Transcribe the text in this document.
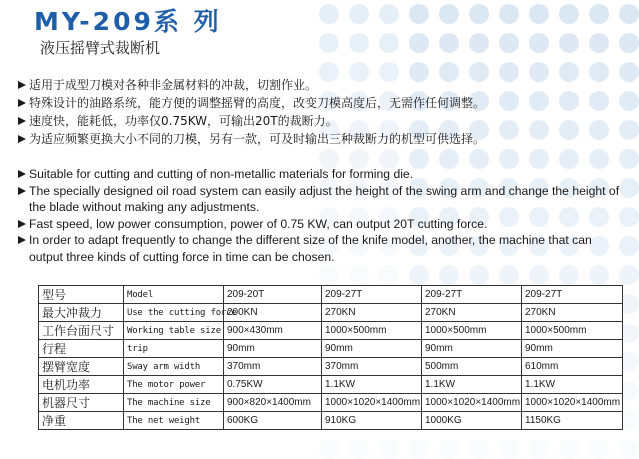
MY-209系 列
液压摇臂式裁断机
适用于成型刀模对各种非金属材料的冲裁，切割作业。
特殊设计的油路系统，能方便的调整摇臂的高度，改变刀模高度后，无需作任何调整。
速度快，能耗低，功率仅0.75KW，可输出20T的裁断力。
为适应频繁更换大小不同的刀模，另有一款，可及时输出三种裁断力的机型可供选择。
Suitable for cutting and cutting of non-metallic materials for forming die.
The specially designed oil road system can easily adjust the height of the swing arm and change the height of the blade without making any adjustments.
Fast speed, low power consumption, power of 0.75 KW, can output 20T cutting force.
In order to adapt frequently to change the different size of the knife model, another, the machine that can output three kinds of cutting force in time can be chosen.
型号	Model	209-20T	209-27T	209-27T	209-27T
最大冲裁力	Use the cutting force	200KN	270KN	270KN	270KN
工作台面尺寸	Working table size	900×430mm	1000×500mm	1000×500mm	1000×500mm
行程	trip	90mm	90mm	90mm	90mm
摆臂宽度	Sway arm width	370mm	370mm	500mm	610mm
电机功率	The motor power	0.75KW	1.1KW	1.1KW	1.1KW
机器尺寸	The machine size	900×820×1400mm	1000×1020×1400mm	1000×1020×1400mm	1000×1020×1400mm
净重	The net weight	600KG	910KG	1000KG	1150KG
